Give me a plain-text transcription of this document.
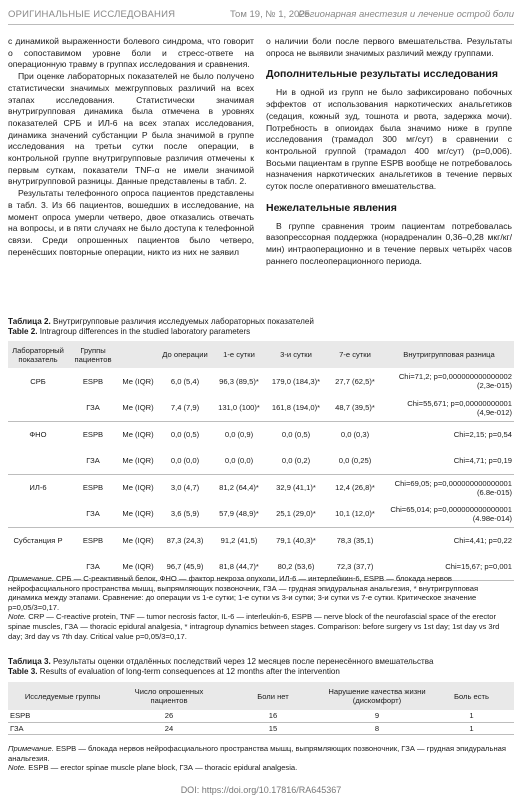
ОРИГИНАЛЬНЫЕ ИССЛЕДОВАНИЯ	Том 19, № 1, 2025
Регионарная анестезия и лечение острой боли

с динамикой выраженности болевого синдрома, что говорит о сопоставимом уровне боли и стресс-ответе на операционную травму в группах исследования и сравнения.

При оценке лабораторных показателей не было получено статистически значимых межгрупповых различий на всех этапах исследования. Статистически значимая внутригрупповая динамика была отмечена в уровнях показателей СРБ и ИЛ-6 на всех этапах исследования, динамика значений субстанции Р была значимой в группе исследования на третьи сутки после операции, в контрольной группе внутригрупповые различия отмечены к первым суткам, показатели TNF-α не имели значимой внутригрупповой разницы. Данные представлены в табл. 2.

Результаты телефонного опроса пациентов представлены в табл. 3. Из 66 пациентов, вошедших в исследование, на момент опроса умерли четверо, двое отказались отвечать на вопросы, и в пяти случаях не было доступа к телефонной связи. Среди опрошенных пациентов было четверо, перенёсших повторные операции, никто из них не заявил

о наличии боли после первого вмешательства. Результаты опроса не выявили значимых различий между группами.

Дополнительные результаты исследования

Ни в одной из групп не было зафиксировано побочных эффектов от использования наркотических анальгетиков (седация, кожный зуд, тошнота и рвота, задержка мочи). Потребность в опиоидах была значимо ниже в группе исследования (трамадол 300 мг/сут) в сравнении с контрольной группой (трамадол 400 мг/сут) (p=0,006). Восьми пациентам в группе ESPB вообще не потребовалось назначения наркотических анальгетиков в течение первых суток после оперативного вмешательства.

Нежелательные явления

В группе сравнения троим пациентам потребовалась вазопрессорная поддержка (норадреналин 0,36–0,28 мкг/кг/мин) интраоперационно и в течение первых четырёх часов раннего послеоперационного периода.

Таблица 2. Внутригрупповые различия исследуемых лабораторных показателей
Table 2. Intragroup differences in the studied laboratory parameters
Лабораторный показатель	Группы пациентов		До операции	1-е сутки	3-и сутки	7-е сутки	Внутригрупповая разница
СРБ	ESPB	Me (IQR)	6,0 (5,4)	96,3 (89,5)*	179,0 (184,3)*	27,7 (62,5)*	Chi=71,2; p=0,000000000000002
(2,3e-015)

	ГЗА	Me (IQR)	7,4 (7,9)	131,0 (100)*	161,8 (194,0)*	48,7 (39,5)*	Chi=55,671; p=0,00000000001
(4,9e-012)

ФНО	ESPB	Me (IQR)	0,0 (0,5)	0,0 (0,9)	0,0 (0,5)	0,0 (0,3)	Chi=2,15; p=0,54

	ГЗА	Me (IQR)	0,0 (0,0)	0,0 (0,0)	0,0 (0,2)	0,0 (0,25)	Chi=4,71; p=0,19

ИЛ-6	ESPB	Me (IQR)	3,0 (4,7)	81,2 (64,4)*	32,9 (41,1)*	12,4 (26,8)*	Chi=69,05; p=0,000000000000001
(6.8e-015)

	ГЗА	Me (IQR)	3,6 (5,9)	57,9 (48,9)*	25,1 (29,0)*	10,1 (12,0)*	Chi=65,014; p=0,000000000000001
(4.98e-014)

Субстанция P	ESPB	Me (IQR)	87,3 (24,3)	91,2 (41,5)	79,1 (40,3)*	78,3 (35,1)	Chi=4,41; p=0,22

	ГЗА	Me (IQR)	96,7 (45,9)	81,8 (44,7)*	80,2 (53,6)	72,3 (37,7)	Chi=15,67; p=0,001
Примечание. СРБ — С-реактивный белок, ФНО — фактор некроза опухоли, ИЛ-6 — интерлейкин-6, ESPB — блокада нервов нейрофасциального пространства мышц, выпрямляющих позвоночник, ГЗА — грудная эпидуральная анальгезия, * внутригрупповая динамика между этапами. Сравнение: до операции vs 1-е сутки; 1-е сутки vs 3-и сутки; 3-и сутки vs 7-е сутки. Критическое значение p=0,05/3=0,17.
Note. CRP — C-reactive protein, TNF — tumor necrosis factor, IL-6 — interleukin-6, ESPB — nerve block of the neurofascial space of the erector spinae muscles, ГЗА — thoracic epidural analgesia, * intragroup dynamics between stages. Comparison: before surgery vs 1st day; 1st day vs 3rd day; 3rd day vs 7th day. Critical value p=0,05/3=0,17.
Таблица 3. Результаты оценки отдалённых последствий через 12 месяцев после перенесённого вмешательства
Table 3. Results of evaluation of long-term consequences at 12 months after the intervention
Исследуемые группы	Число опрошенных пациентов	Боли нет	Нарушение качества жизни (дискомфорт)	Боль есть
ESPB	26	16	9	1
ГЗА	24	15	8	1
Примечание. ESPB — блокада нервов нейрофасциального пространства мышц, выпрямляющих позвоночник, ГЗА — грудная эпидуральная анальгезия.
Note. ESPB — erector spinae muscle plane block, ГЗА — thoracic epidural analgesia.
DOI: https://doi.org/10.17816/RA645367
